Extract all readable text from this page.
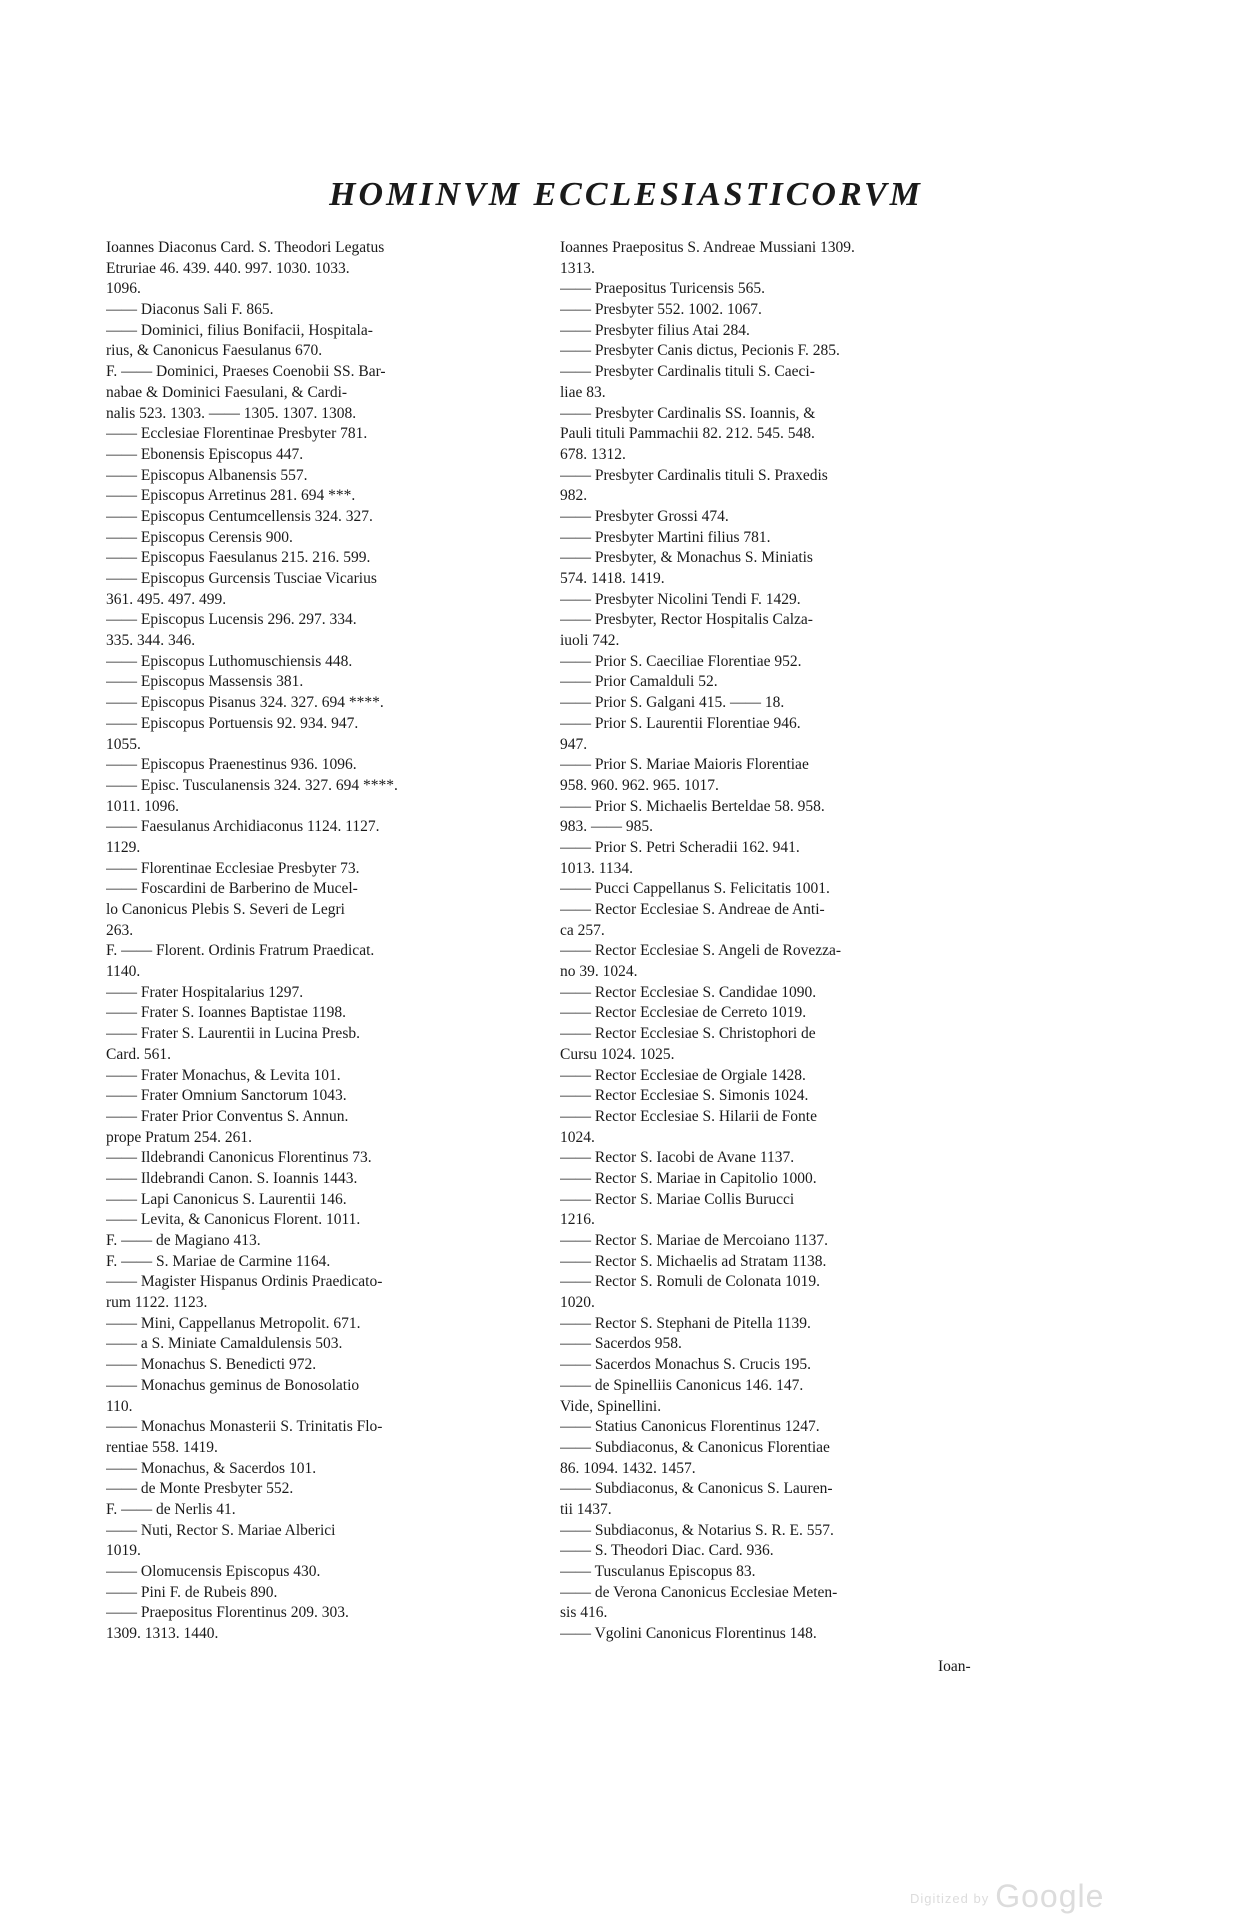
HOMINVM ECCLESIASTICORVM
Ioannes Diaconus Card. S. Theodori Legatus
Etruriae 46. 439. 440. 997. 1030. 1033.
1096.
—— Diaconus Sali F. 865.
—— Dominici, filius Bonifacii, Hospitala-
rius, & Canonicus Faesulanus 670.
F. —— Dominici, Praeses Coenobii SS. Bar-
nabae & Dominici Faesulani, & Cardi-
nalis 523. 1303. —— 1305. 1307. 1308.
—— Ecclesiae Florentinae Presbyter 781.
—— Ebonensis Episcopus 447.
—— Episcopus Albanensis 557.
—— Episcopus Arretinus 281. 694 ***.
—— Episcopus Centumcellensis 324. 327.
—— Episcopus Cerensis 900.
—— Episcopus Faesulanus 215. 216. 599.
—— Episcopus Gurcensis Tusciae Vicarius
361. 495. 497. 499.
—— Episcopus Lucensis 296. 297. 334.
335. 344. 346.
—— Episcopus Luthomuschiensis 448.
—— Episcopus Massensis 381.
—— Episcopus Pisanus 324. 327. 694 ****.
—— Episcopus Portuensis 92. 934. 947.
1055.
—— Episcopus Praenestinus 936. 1096.
—— Episc. Tusculanensis 324. 327. 694 ****.
1011. 1096.
—— Faesulanus Archidiaconus 1124. 1127.
1129.
—— Florentinae Ecclesiae Presbyter 73.
—— Foscardini de Barberino de Mucel-
lo Canonicus Plebis S. Severi de Legri
263.
F. —— Florent. Ordinis Fratrum Praedicat.
1140.
—— Frater Hospitalarius 1297.
—— Frater S. Ioannes Baptistae 1198.
—— Frater S. Laurentii in Lucina Presb.
Card. 561.
—— Frater Monachus, & Levita 101.
—— Frater Omnium Sanctorum 1043.
—— Frater Prior Conventus S. Annun.
prope Pratum 254. 261.
—— Ildebrandi Canonicus Florentinus 73.
—— Ildebrandi Canon. S. Ioannis 1443.
—— Lapi Canonicus S. Laurentii 146.
—— Levita, & Canonicus Florent. 1011.
F. —— de Magiano 413.
F. —— S. Mariae de Carmine 1164.
—— Magister Hispanus Ordinis Praedicato-
rum 1122. 1123.
—— Mini, Cappellanus Metropolit. 671.
—— a S. Miniate Camaldulensis 503.
—— Monachus S. Benedicti 972.
—— Monachus geminus de Bonosolatio
110.
—— Monachus Monasterii S. Trinitatis Flo-
rentiae 558. 1419.
—— Monachus, & Sacerdos 101.
—— de Monte Presbyter 552.
F. —— de Nerlis 41.
—— Nuti, Rector S. Mariae Alberici
1019.
—— Olomucensis Episcopus 430.
—— Pini F. de Rubeis 890.
—— Praepositus Florentinus 209. 303.
1309. 1313. 1440.
Ioannes Praepositus S. Andreae Mussiani 1309.
1313.
—— Praepositus Turicensis 565.
—— Presbyter 552. 1002. 1067.
—— Presbyter filius Atai 284.
—— Presbyter Canis dictus, Pecionis F. 285.
—— Presbyter Cardinalis tituli S. Caeci-
liae 83.
—— Presbyter Cardinalis SS. Ioannis, &
Pauli tituli Pammachii 82. 212. 545. 548.
678. 1312.
—— Presbyter Cardinalis tituli S. Praxedis
982.
—— Presbyter Grossi 474.
—— Presbyter Martini filius 781.
—— Presbyter, & Monachus S. Miniatis
574. 1418. 1419.
—— Presbyter Nicolini Tendi F. 1429.
—— Presbyter, Rector Hospitalis Calza-
iuoli 742.
—— Prior S. Caeciliae Florentiae 952.
—— Prior Camalduli 52.
—— Prior S. Galgani 415. —— 18.
—— Prior S. Laurentii Florentiae 946.
947.
—— Prior S. Mariae Maioris Florentiae
958. 960. 962. 965. 1017.
—— Prior S. Michaelis Berteldae 58. 958.
983. —— 985.
—— Prior S. Petri Scheradii 162. 941.
1013. 1134.
—— Pucci Cappellanus S. Felicitatis 1001.
—— Rector Ecclesiae S. Andreae de Anti-
ca 257.
—— Rector Ecclesiae S. Angeli de Rovezza-
no 39. 1024.
—— Rector Ecclesiae S. Candidae 1090.
—— Rector Ecclesiae de Cerreto 1019.
—— Rector Ecclesiae S. Christophori de
Cursu 1024. 1025.
—— Rector Ecclesiae de Orgiale 1428.
—— Rector Ecclesiae S. Simonis 1024.
—— Rector Ecclesiae S. Hilarii de Fonte
1024.
—— Rector S. Iacobi de Avane 1137.
—— Rector S. Mariae in Capitolio 1000.
—— Rector S. Mariae Collis Burucci
1216.
—— Rector S. Mariae de Mercoiano 1137.
—— Rector S. Michaelis ad Stratam 1138.
—— Rector S. Romuli de Colonata 1019.
1020.
—— Rector S. Stephani de Pitella 1139.
—— Sacerdos 958.
—— Sacerdos Monachus S. Crucis 195.
—— de Spinelliis Canonicus 146. 147.
Vide, Spinellini.
—— Statius Canonicus Florentinus 1247.
—— Subdiaconus, & Canonicus Florentiae
86. 1094. 1432. 1457.
—— Subdiaconus, & Canonicus S. Lauren-
tii 1437.
—— Subdiaconus, & Notarius S. R. E. 557.
—— S. Theodori Diac. Card. 936.
—— Tusculanus Episcopus 83.
—— de Verona Canonicus Ecclesiae Meten-
sis 416.
—— Vgolini Canonicus Florentinus 148.
Ioan-
Digitized by Google
